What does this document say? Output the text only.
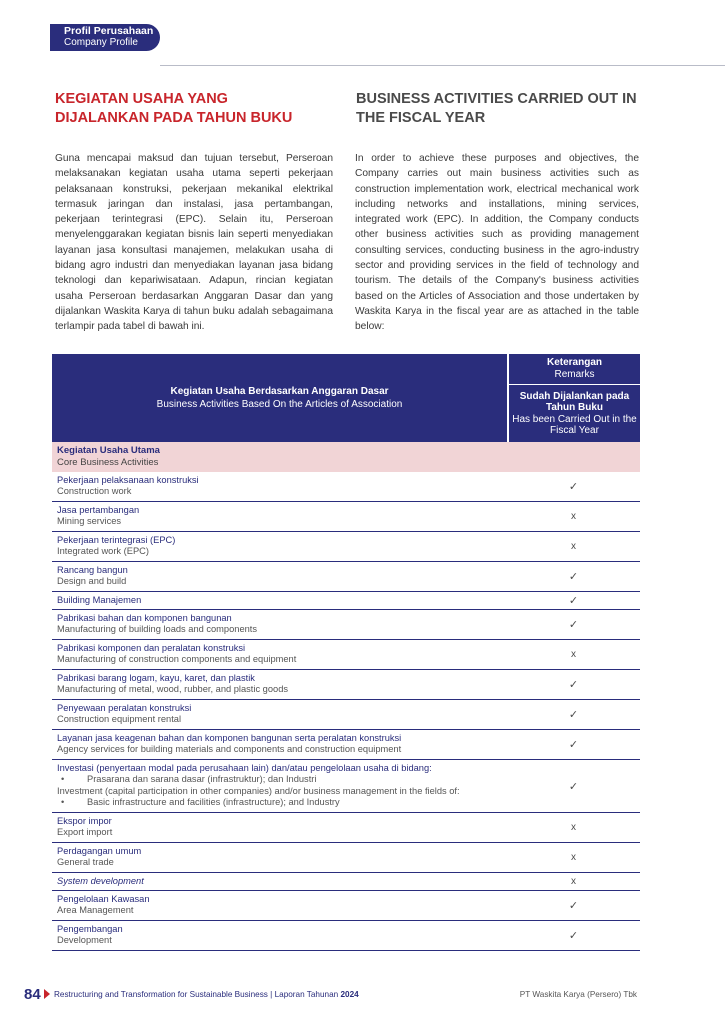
Profil Perusahaan
Company Profile
KEGIATAN USAHA YANG DIJALANKAN PADA TAHUN BUKU
BUSINESS ACTIVITIES CARRIED OUT IN THE FISCAL YEAR

Guna mencapai maksud dan tujuan tersebut, Perseroan melaksanakan kegiatan usaha utama seperti pekerjaan pelaksanaan konstruksi, pekerjaan mekanikal elektrikal termasuk jaringan dan instalasi, jasa pertambangan, pekerjaan terintegrasi (EPC). Selain itu, Perseroan menyelenggarakan kegiatan bisnis lain seperti menyediakan layanan jasa konsultasi manajemen, melakukan usaha di bidang agro industri dan menyediakan layanan jasa bidang teknologi dan kepariwisataan. Adapun, rincian kegiatan usaha Perseroan berdasarkan Anggaran Dasar dan yang dijalankan Waskita Karya di tahun buku adalah sebagaimana terlampir pada tabel di bawah ini.

In order to achieve these purposes and objectives, the Company carries out main business activities such as construction implementation work, electrical mechanical work including networks and installations, mining services, integrated work (EPC). In addition, the Company conducts other business activities such as providing management consulting services, conducting business in the agro-industry sector and providing services in the field of technology and tourism. The details of the Company's business activities based on the Articles of Association and those undertaken by Waskita Karya in the fiscal year are as attached in the table below:

Kegiatan Usaha Berdasarkan Anggaran Dasar
Business Activities Based On the Articles of Association
Keterangan
Remarks
Sudah Dijalankan pada Tahun Buku
Has been Carried Out in the Fiscal Year
Kegiatan Usaha Utama
Core Business Activities
Pekerjaan pelaksanaan konstruksi
Construction work	✓
Jasa pertambangan
Mining services	x
Pekerjaan terintegrasi (EPC)
Integrated work (EPC)	x
Rancang bangun
Design and build	✓
Building Manajemen	✓
Pabrikasi bahan dan komponen bangunan
Manufacturing of building loads and components	✓
Pabrikasi komponen dan peralatan konstruksi
Manufacturing of construction components and equipment	x
Pabrikasi barang logam, kayu, karet, dan plastik
Manufacturing of metal, wood, rubber, and plastic goods	✓
Penyewaan peralatan konstruksi
Construction equipment rental	✓
Layanan jasa keagenan bahan dan komponen bangunan serta peralatan konstruksi
Agency services for building materials and components and construction equipment	✓
Investasi (penyertaan modal pada perusahaan lain) dan/atau pengelolaan usaha di bidang:
• Prasarana dan sarana dasar (infrastruktur); dan Industri
Investment (capital participation in other companies) and/or business management in the fields of:
• Basic infrastructure and facilities (infrastructure); and Industry
✓
Ekspor impor
Export import	x
Perdagangan umum
General trade	x
System development	x
Pengelolaan Kawasan
Area Management	✓
Pengembangan
Development	✓
84 Restructuring and Transformation for Sustainable Business | Laporan Tahunan 2024	PT Waskita Karya (Persero) Tbk
